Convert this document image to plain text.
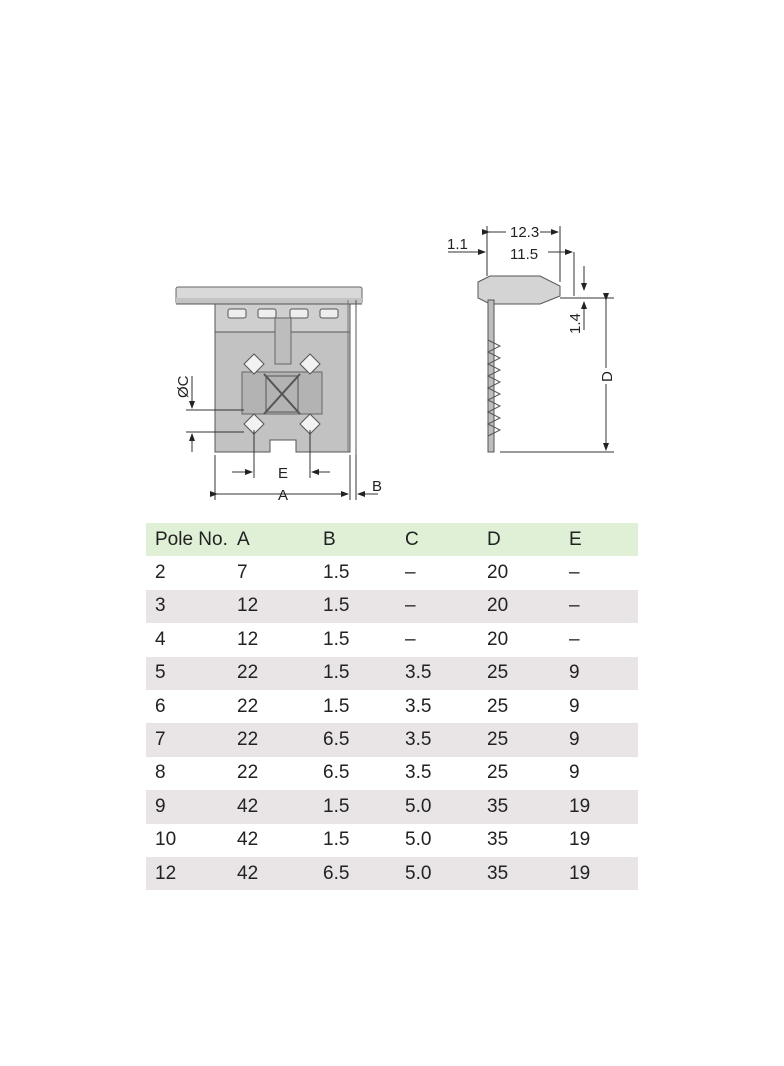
A
B
E
ØC
12.3
11.5
1.1
1.4
D
Pole No.	A	B	C	D	E
2	7	1.5	–	20	–
3	12	1.5	–	20	–
4	12	1.5	–	20	–
5	22	1.5	3.5	25	9
6	22	1.5	3.5	25	9
7	22	6.5	3.5	25	9
8	22	6.5	3.5	25	9
9	42	1.5	5.0	35	19
10	42	1.5	5.0	35	19
12	42	6.5	5.0	35	19
